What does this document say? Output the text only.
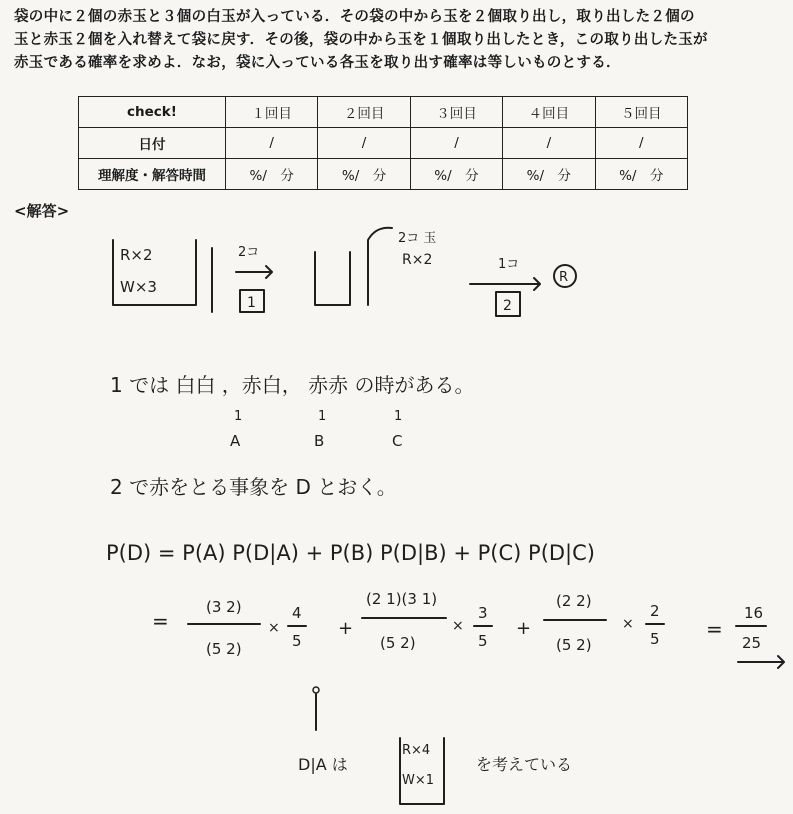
袋の中に２個の赤玉と３個の白玉が入っている．その袋の中から玉を２個取り出し，取り出した２個の
玉と赤玉２個を入れ替えて袋に戻す．その後，袋の中から玉を１個取り出したとき，この取り出した玉が
赤玉である確率を求めよ．なお，袋に入っている各玉を取り出す確率は等しいものとする．
check!	１回目	２回目	３回目	４回目	５回目
日付	/	/	/	/	/
理解度・解答時間	%/　分	%/　分	%/　分	%/　分	%/　分
<解答>
R×2
W×3
2コ
1
2コ 玉
R×2	1コ
2
R
1 では 白白 ，赤白， 赤赤 の時がある。
1	1	1
A	B	C
2 で赤をとる事象を D とおく。
P(D) = P(A) P(D|A) + P(B) P(D|B) + P(C) P(D|C)
=
(3 2)
(5 2)
×
4
5
+
(2 1)(3 1)
(5 2)
×
3
5
+
(2 2)
(5 2)
×
2
5 =
16
25
D|A は
R×4
W×1
を考えている
